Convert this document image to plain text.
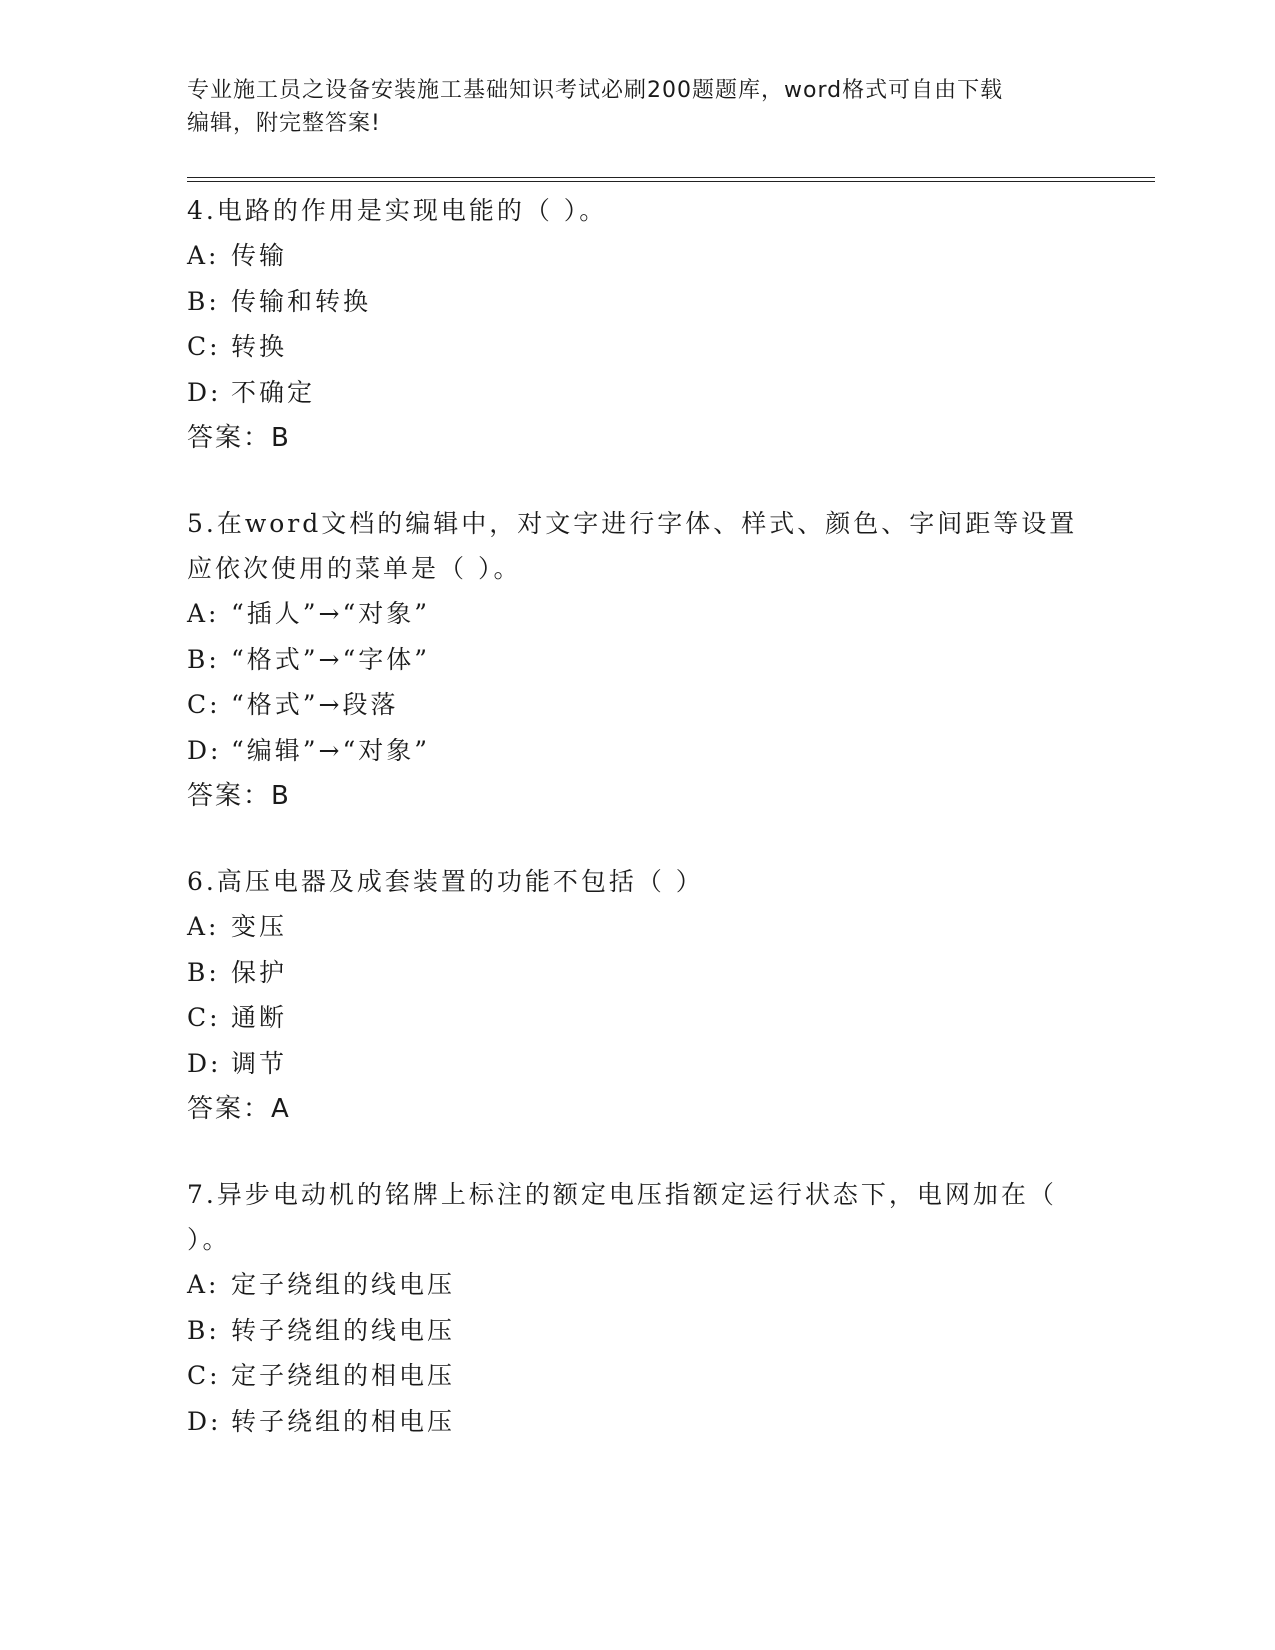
专业施工员之设备安装施工基础知识考试必刷200题题库，word格式可自由下载
编辑，附完整答案!

4.电路的作用是实现电能的（ ）。

A: 传输

B: 传输和转换

C: 转换

D: 不确定

答案：B

5.在word文档的编辑中，对文字进行字体、样式、颜色、字间距等设置应依次使用的菜单是（ ）。

A: “插人”→“对象”

B: “格式”→“字体”

C: “格式”→段落

D: “编辑”→“对象”

答案：B

6.高压电器及成套装置的功能不包括（ ）

A: 变压

B: 保护

C: 通断

D: 调节

答案：A

7.异步电动机的铭牌上标注的额定电压指额定运行状态下，电网加在（ ）。

A: 定子绕组的线电压

B: 转子绕组的线电压

C: 定子绕组的相电压

D: 转子绕组的相电压
